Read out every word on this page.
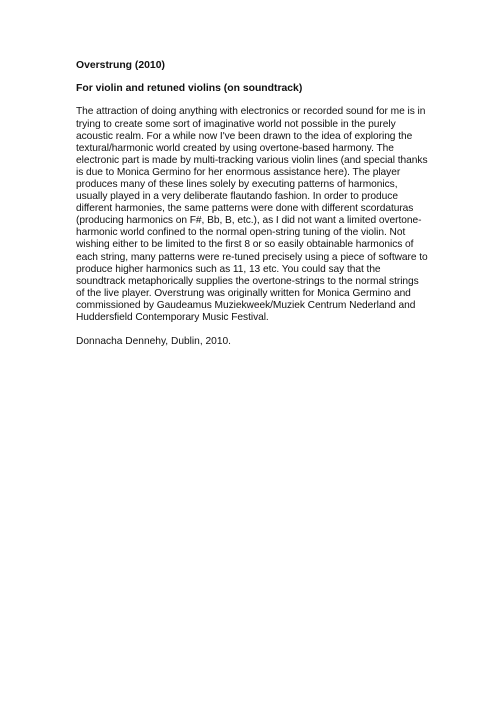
Overstrung (2010)

For violin and retuned violins (on soundtrack)

The attraction of doing anything with electronics or recorded sound for me is in trying to create some sort of imaginative world not possible in the purely acoustic realm. For a while now I've been drawn to the idea of exploring the textural/harmonic world created by using overtone-based harmony. The electronic part is made by multi-tracking various violin lines (and special thanks is due to Monica Germino for her enormous assistance here). The player produces many of these lines solely by executing patterns of harmonics, usually played in a very deliberate flautando fashion. In order to produce different harmonies, the same patterns were done with different scordaturas (producing harmonics on F#, Bb, B, etc.), as I did not want a limited overtone-harmonic world confined to the normal open-string tuning of the violin. Not wishing either to be limited to the first 8 or so easily obtainable harmonics of each string, many patterns were re-tuned precisely using a piece of software to produce higher harmonics such as 11, 13 etc. You could say that the soundtrack metaphorically supplies the overtone-strings to the normal strings of the live player. Overstrung was originally written for Monica Germino and commissioned by Gaudeamus Muziekweek/Muziek Centrum Nederland and Huddersfield Contemporary Music Festival.

Donnacha Dennehy, Dublin, 2010.
